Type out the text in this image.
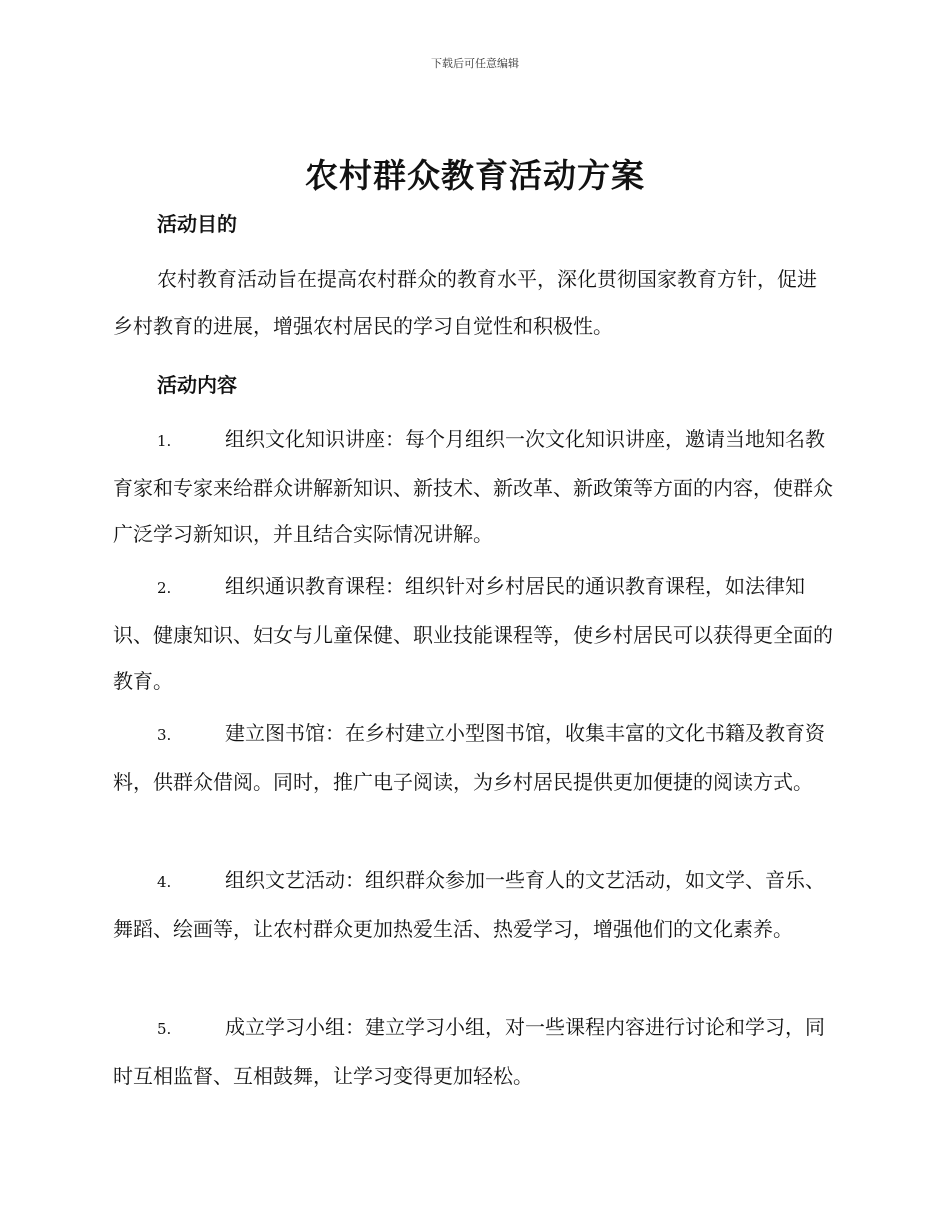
下载后可任意编辑
农村群众教育活动方案
活动目的

农村教育活动旨在提高农村群众的教育水平，深化贯彻国家教育方针，促进乡村教育的进展，增强农村居民的学习自觉性和积极性。

活动内容

1.	组织文化知识讲座：每个月组织一次文化知识讲座，邀请当地知名教育家和专家来给群众讲解新知识、新技术、新改革、新政策等方面的内容，使群众广泛学习新知识，并且结合实际情况讲解。

2.	组织通识教育课程：组织针对乡村居民的通识教育课程，如法律知识、健康知识、妇女与儿童保健、职业技能课程等，使乡村居民可以获得更全面的教育。

3.	建立图书馆：在乡村建立小型图书馆，收集丰富的文化书籍及教育资料，供群众借阅。同时，推广电子阅读，为乡村居民提供更加便捷的阅读方式。

4.	组织文艺活动：组织群众参加一些育人的文艺活动，如文学、音乐、舞蹈、绘画等，让农村群众更加热爱生活、热爱学习，增强他们的文化素养。

5.	成立学习小组：建立学习小组，对一些课程内容进行讨论和学习，同时互相监督、互相鼓舞，让学习变得更加轻松。
